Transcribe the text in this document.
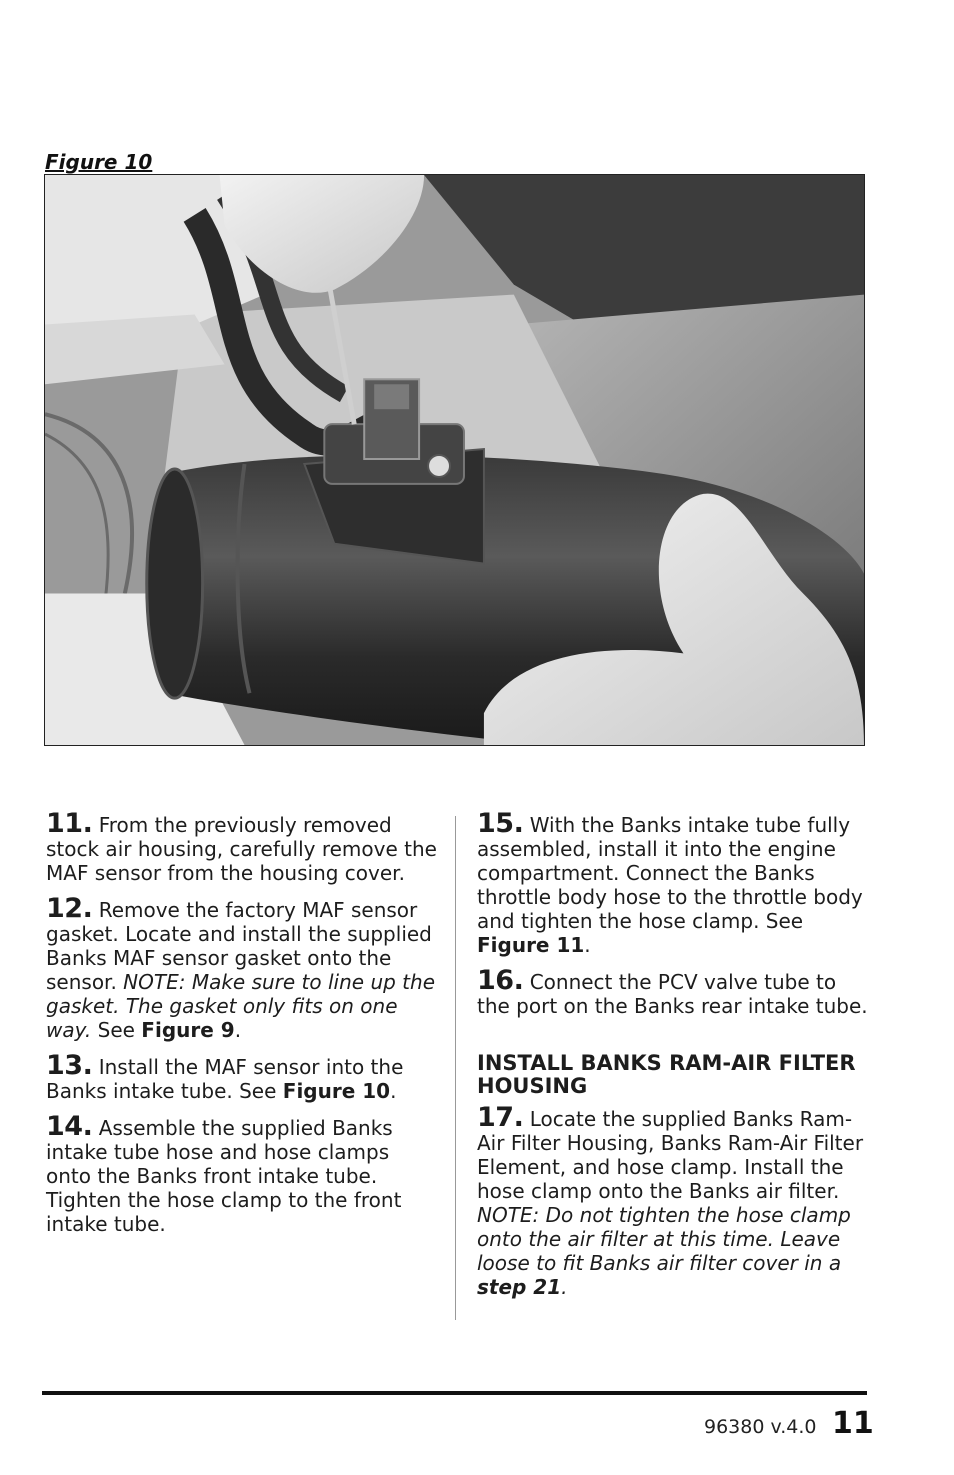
Figure 10
11. From the previously removed stock air housing, carefully remove the MAF sensor from the housing cover.
12. Remove the factory MAF sensor gasket. Locate and install the supplied Banks MAF sensor gasket onto the sensor. NOTE: Make sure to line up the gasket. The gasket only fits on one way. See Figure 9.
13. Install the MAF sensor into the Banks intake tube. See Figure 10.
14. Assemble the supplied Banks intake tube hose and hose clamps onto the Banks front intake tube. Tighten the hose clamp to the front intake tube.
15. With the Banks intake tube fully assembled, install it into the engine compartment. Connect the Banks throttle body hose to the throttle body and tighten the hose clamp. See Figure 11.
16. Connect the PCV valve tube to the port on the Banks rear intake tube.
INSTALL BANKS RAM-AIR FILTER HOUSING
17. Locate the supplied Banks Ram-Air Filter Housing, Banks Ram-Air Filter Element, and hose clamp. Install the hose clamp onto the Banks air filter. NOTE: Do not tighten the hose clamp onto the air filter at this time. Leave loose to fit Banks air filter cover in a step 21.
96380 v.4.0 11
